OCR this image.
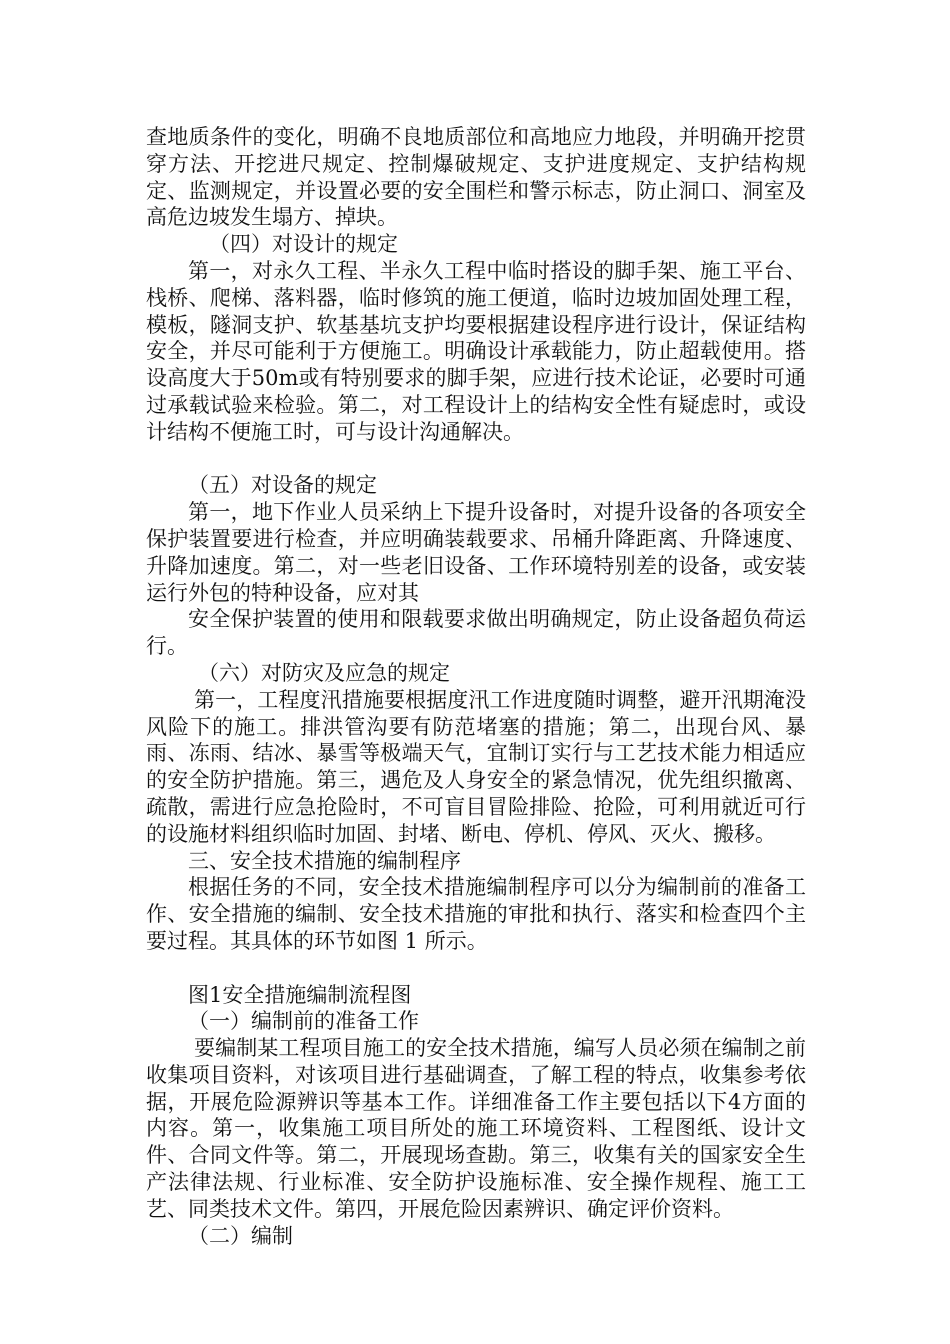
查地质条件的变化，明确不良地质部位和高地应力地段，并明确开挖贯穿方法、开挖进尺规定、控制爆破规定、支护进度规定、支护结构规定、监测规定，并设置必要的安全围栏和警示标志，防止洞口、洞室及高危边坡发生塌方、掉块。

（四）对设计的规定

第一，对永久工程、半永久工程中临时搭设的脚手架、施工平台、栈桥、爬梯、落料器，临时修筑的施工便道，临时边坡加固处理工程，模板，隧洞支护、软基基坑支护均要根据建设程序进行设计，保证结构安全，并尽可能利于方便施工。明确设计承载能力，防止超载使用。搭设高度大于50m或有特别要求的脚手架，应进行技术论证，必要时可通过承载试验来检验。第二，对工程设计上的结构安全性有疑虑时，或设计结构不便施工时，可与设计沟通解决。

（五）对设备的规定

第一，地下作业人员采纳上下提升设备时，对提升设备的各项安全保护装置要进行检查，并应明确装载要求、吊桶升降距离、升降速度、升降加速度。第二，对一些老旧设备、工作环境特别差的设备，或安装运行外包的特种设备，应对其

安全保护装置的使用和限载要求做出明确规定，防止设备超负荷运行。

（六）对防灾及应急的规定

第一，工程度汛措施要根据度汛工作进度随时调整，避开汛期淹没风险下的施工。排洪管沟要有防范堵塞的措施；第二，出现台风、暴雨、冻雨、结冰、暴雪等极端天气，宜制订实行与工艺技术能力相适应的安全防护措施。第三，遇危及人身安全的紧急情况，优先组织撤离、疏散，需进行应急抢险时，不可盲目冒险排险、抢险，可利用就近可行的设施材料组织临时加固、封堵、断电、停机、停风、灭火、搬移。

三、安全技术措施的编制程序

根据任务的不同，安全技术措施编制程序可以分为编制前的准备工作、安全措施的编制、安全技术措施的审批和执行、落实和检查四个主要过程。其具体的环节如图 1 所示。

图1安全措施编制流程图

（一）编制前的准备工作

要编制某工程项目施工的安全技术措施，编写人员必须在编制之前收集项目资料，对该项目进行基础调查，了解工程的特点，收集参考依据，开展危险源辨识等基本工作。详细准备工作主要包括以下4方面的内容。第一，收集施工项目所处的施工环境资料、工程图纸、设计文件、合同文件等。第二，开展现场查勘。第三，收集有关的国家安全生产法律法规、行业标准、安全防护设施标准、安全操作规程、施工工艺、同类技术文件。第四，开展危险因素辨识、确定评价资料。

（二）编制
